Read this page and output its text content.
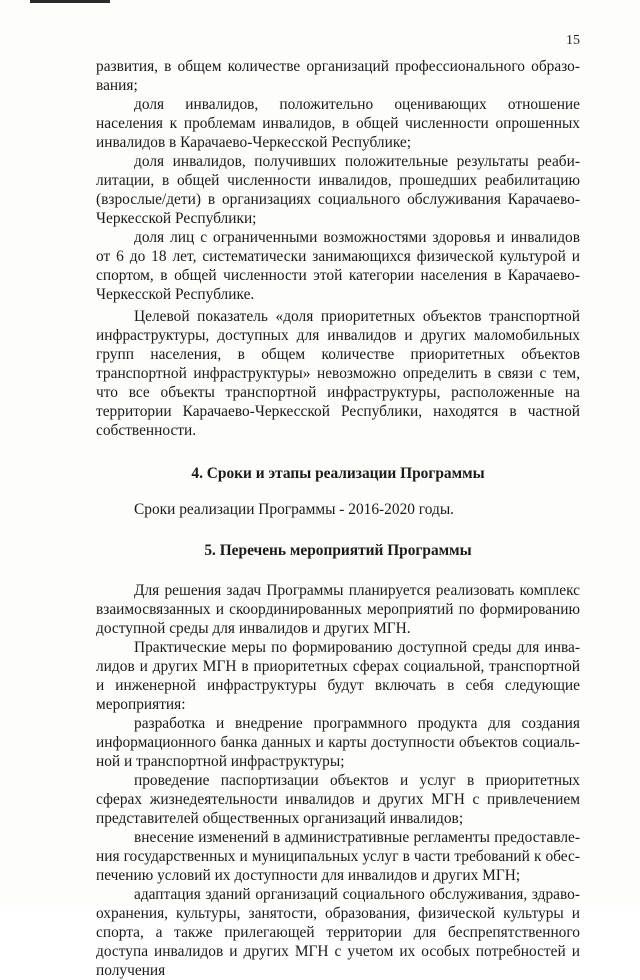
15

развития, в общем количестве организаций профессионального образования;

доля инвалидов, положительно оценивающих отношение населения к проблемам инвалидов, в общей численности опрошенных инвалидов в Карачаево-Черкесской Республике;

доля инвалидов, получивших положительные результаты реабилитации, в общей численности инвалидов, прошедших реабилитацию (взрослые/дети) в организациях социального обслуживания Карачаево-Черкесской Республики;

доля лиц с ограниченными возможностями здоровья и инвалидов от 6 до 18 лет, систематически занимающихся физической культурой и спортом, в общей численности этой категории населения в Карачаево-Черкесской Республике.

Целевой показатель «доля приоритетных объектов транспортной инфраструктуры, доступных для инвалидов и других маломобильных групп населения, в общем количестве приоритетных объектов транспортной инфраструктуры» невозможно определить в связи с тем, что все объекты транспортной инфраструктуры, расположенные на территории Карачаево-Черкесской Республики, находятся в частной собственности.

4. Сроки и этапы реализации Программы

Сроки реализации Программы - 2016-2020 годы.

5. Перечень мероприятий Программы

Для решения задач Программы планируется реализовать комплекс взаимосвязанных и скоординированных мероприятий по формированию доступной среды для инвалидов и других МГН.

Практические меры по формированию доступной среды для инвалидов и других МГН в приоритетных сферах социальной, транспортной и инженерной инфраструктуры будут включать в себя следующие мероприятия:

разработка и внедрение программного продукта для создания информационного банка данных и карты доступности объектов социальной и транспортной инфраструктуры;

проведение паспортизации объектов и услуг в приоритетных сферах жизнедеятельности инвалидов и других МГН с привлечением представителей общественных организаций инвалидов;

внесение изменений в административные регламенты предоставления государственных и муниципальных услуг в части требований к обеспечению условий их доступности для инвалидов и других МГН;

адаптация зданий организаций социального обслуживания, здравоохранения, культуры, занятости, образования, физической культуры и спорта, а также прилегающей территории для беспрепятственного доступа инвалидов и других МГН с учетом их особых потребностей и получения
